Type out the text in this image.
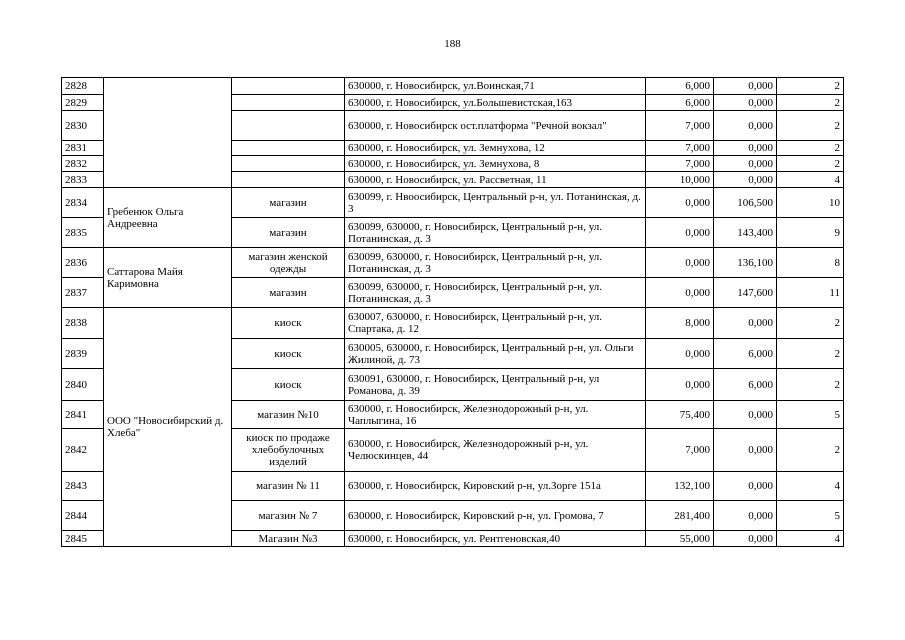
188
2828			630000, г. Новосибирск, ул.Воинская,71	6,000	0,000	2
2829			630000, г. Новосибирск, ул.Большевистская,163	6,000	0,000	2
2830			630000, г. Новосибирск ост.платформа "Речной вокзал"	7,000	0,000	2
2831			630000, г. Новосибирск, ул. Земнухова, 12	7,000	0,000	2
2832			630000, г. Новосибирск, ул. Земнухова, 8	7,000	0,000	2
2833			630000, г. Новосибирск, ул. Рассветная, 11	10,000	0,000	4
2834	Гребенюк Ольга Андреевна	магазин	630099, г. Нвоосибирск, Центральный р-н, ул. Потанинская, д. 3	0,000	106,500	10
2835		магазин	630099, 630000, г. Новосибирск, Центральный р-н, ул. Потанинская, д. 3	0,000	143,400	9
2836	Саттарова Майя Каримовна	магазин женской одежды	630099, 630000, г. Новосибирск, Центральный р-н, ул. Потанинская, д. 3	0,000	136,100	8
2837		магазин	630099, 630000, г. Новосибирск, Центральный р-н, ул. Потанинская, д. 3	0,000	147,600	11
2838	ООО "Новосибирский д. Хлеба"	киоск	630007, 630000, г. Новосибирск, Центральный р-н, ул. Спартака, д. 12	8,000	0,000	2
2839		киоск	630005, 630000, г. Новосибирск, Центральный р-н, ул. Ольги Жилиной, д. 73	0,000	6,000	2
2840		киоск	630091, 630000, г. Новосибирск, Центральный р-н, ул Романова, д. 39	0,000	6,000	2
2841		магазин №10	630000, г. Новосибирск, Железнодорожный р-н, ул. Чаплыгина, 16	75,400	0,000	5
2842		киоск по продаже хлебобулочных изделий	630000, г. Новосибирск, Железнодорожный р-н, ул. Челюскинцев, 44	7,000	0,000	2
2843		магазин № 11	630000, г. Новосибирск, Кировский р-н, ул.Зорге 151а	132,100	0,000	4
2844		магазин № 7	630000, г. Новосибирск, Кировский р-н, ул. Громова, 7	281,400	0,000	5
2845		Магазин №3	630000, г. Новосибирск, ул. Рентгеновская,40	55,000	0,000	4
